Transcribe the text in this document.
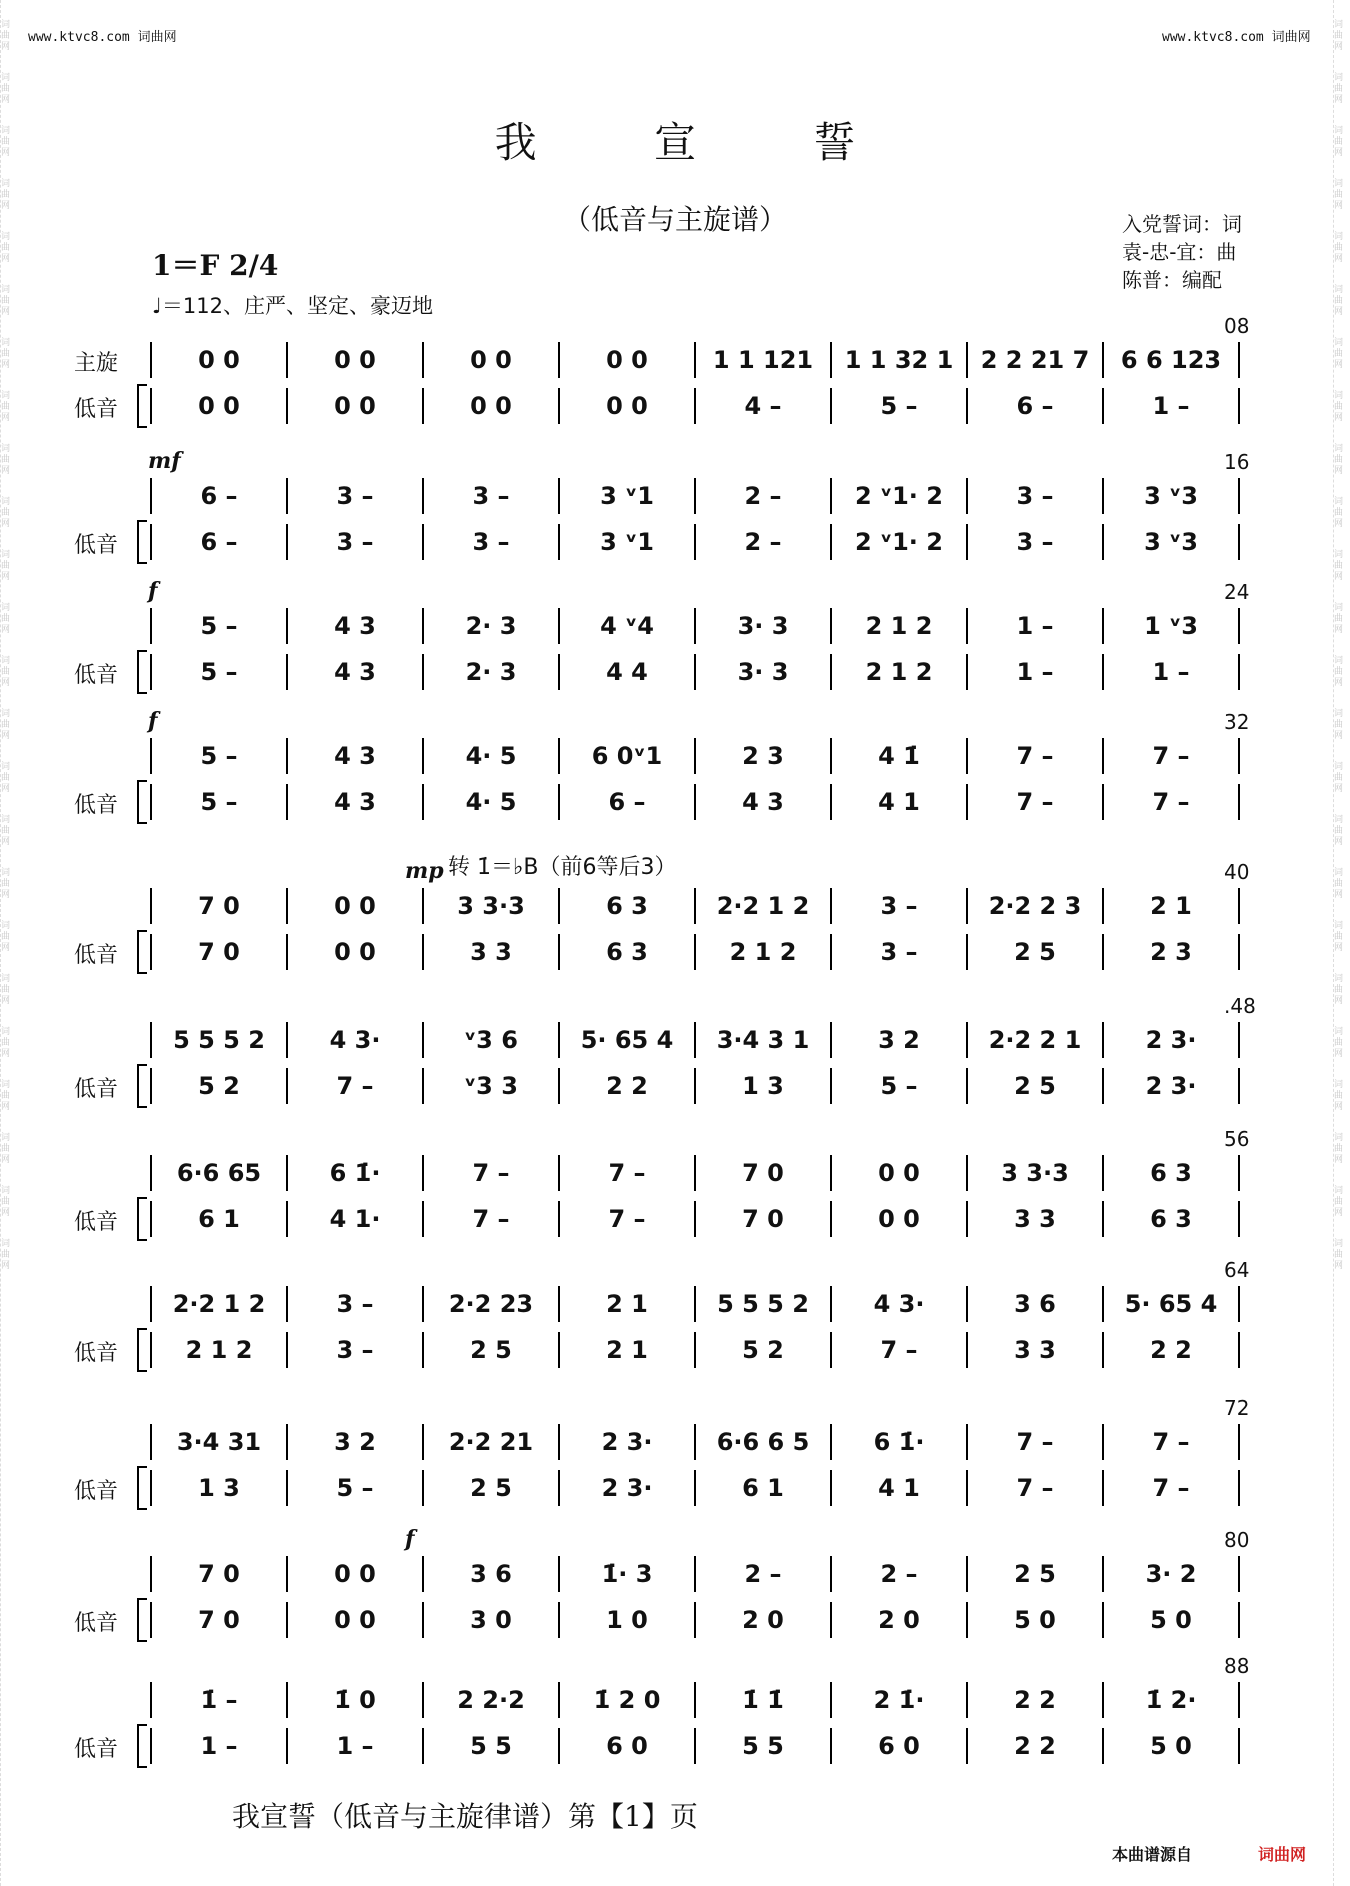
www.ktvc8.com 词曲网	www.ktvc8.com 词曲网
词曲网
词曲网
词曲网
词曲网
词曲网
词曲网
词曲网
词曲网
词曲网
词曲网
词曲网
词曲网
词曲网
词曲网
词曲网
词曲网
词曲网
词曲网
词曲网
词曲网
词曲网
词曲网
词曲网
词曲网
词曲网
词曲网
词曲网
词曲网
词曲网
词曲网
词曲网
词曲网
词曲网
词曲网
词曲网
词曲网
词曲网
词曲网
词曲网
词曲网
词曲网
词曲网
词曲网
词曲网
词曲网
词曲网
词曲网
词曲网
我 宣 誓
（低音与主旋谱）	入党誓词：词
袁-忠-宜：曲
陈普：编配
1＝F 2/4
♩＝112、庄严、坚定、豪迈地
转 1̇＝♭B（前6等后3）
主旋
低音
08
0 0	0 0	0 0	0 0	1 1 121	1 1 32 1	2 2 21 7	6 6 123
0 0	0 0	0 0	0 0	4 –	5 –	6 –	1 –
低音
16
mf
6 –	3 –	3 –	3 ᵛ1	2 –	2 ᵛ1· 2	3 –	3 ᵛ3
6 –	3 –	3 –	3 ᵛ1	2 –	2 ᵛ1· 2	3 –	3 ᵛ3
低音
24
f
5 –	4 3	2· 3	4 ᵛ4	3· 3	2 1 2	1 –	1 ᵛ3
5 –	4 3	2· 3	4 4	3· 3	2 1 2	1 –	1 –
低音
32
f
5 –	4 3	4· 5	6 0ᵛ1	2 3	4 1̇	7 –	7 –
5 –	4 3	4· 5	6 –	4 3	4 1	7 –	7 –
低音
40
mp
7 0	0 0	3 3·3	6 3	2·2 1 2	3 –	2·2 2 3	2 1
7 0	0 0	3 3	6 3	2 1 2	3 –	2 5	2 3
低音
.48
5 5 5 2	4 3·	ᵛ3 6	5· 65 4	3·4 3 1	3 2	2·2 2 1	2 3·
5 2	7 –	ᵛ3 3	2 2	1 3	5 –	2 5	2 3·
低音
56
6·6 65	6 1̇·	7 –	7 –	7 0	0 0	3 3·3	6 3
6 1	4 1·	7 –	7 –	7 0	0 0	3 3	6 3
低音
64
2·2 1 2	3 –	2·2 23	2 1	5 5 5 2	4 3·	3 6	5· 65 4
2 1 2	3 –	2 5	2 1	5 2	7 –	3 3	2 2
低音
72
3·4 31	3 2	2·2 21	2 3·	6·6 6 5	6 1̇·	7 –	7 –
1 3	5 –	2 5	2 3·	6 1	4 1	7 –	7 –
低音
80
f
7 0	0 0	3 6	1̇· 3	2 –	2 –	2 5	3· 2
7 0	0 0	3 0	1 0	2 0	2 0	5 0	5 0
低音
88
1̇ –	1̇ 0	2 2·2	1̇ 2 0	1̇ 1̇	2 1̇·	2 2	1̇ 2·
1 –	1 –	5 5	6 0	5 5	6 0	2 2	5 0
我宣誓（低音与主旋律谱）第【1】页
本曲谱源自	词曲网
